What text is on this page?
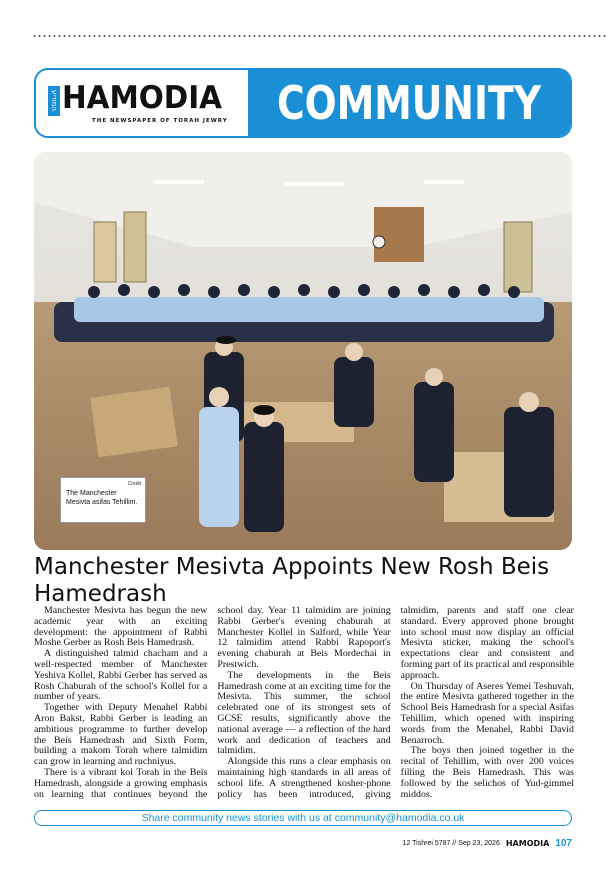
המודיע HAMODIA
THE NEWSPAPER OF TORAH JEWRY COMMUNITY
Credit
The Manchester Mesivta asifas Tehillim.
Manchester Mesivta Appoints New Rosh Beis Hamedrash

Manchester Mesivta has begun the new academic year with an exciting development: the appointment of Rabbi Moshe Gerber as Rosh Beis Hamedrash.

A distinguished talmid chacham and a well-respected member of Manchester Yeshiva Kollel, Rabbi Gerber has served as Rosh Chaburah of the school's Kollel for a number of years.

Together with Deputy Menahel Rabbi Aron Bakst, Rabbi Gerber is leading an ambitious programme to further develop the Beis Hamedrash and Sixth Form, building a makom Torah where talmidim can grow in learning and ruchniyus.

There is a vibrant kol Torah in the Beis Hamedrash, alongside a growing emphasis on learning that continues beyond the school day. Year 11 talmidim are joining Rabbi Gerber's evening chaburah at Manchester Kollel in Salford, while Year 12 talmidim attend Rabbi Rapoport's evening chaburah at Beis Mordechai in Prestwich.

The developments in the Beis Hamedrash come at an exciting time for the Mesivta. This summer, the school celebrated one of its strongest sets of GCSE results, significantly above the national average — a reflection of the hard work and dedication of teachers and talmidim.

Alongside this runs a clear emphasis on maintaining high standards in all areas of school life. A strengthened kosher-phone policy has been introduced, giving talmidim, parents and staff one clear standard. Every approved phone brought into school must now display an official Mesivta sticker, making the school's expectations clear and consistent and forming part of its practical and responsible approach.

On Thursday of Aseres Yemei Teshuvah, the entire Mesivta gathered together in the School Beis Hamedrash for a special Asifas Tehillim, which opened with inspiring words from the Menahel, Rabbi David Benarroch.

The boys then joined together in the recital of Tehillim, with over 200 voices filling the Beis Hamedrash. This was followed by the selichos of Yud-gimmel middos.

Share community news stories with us at community@hamodia.co.uk
12 Tishrei 5787 // Sep 23, 2026 HAMODIA 107
